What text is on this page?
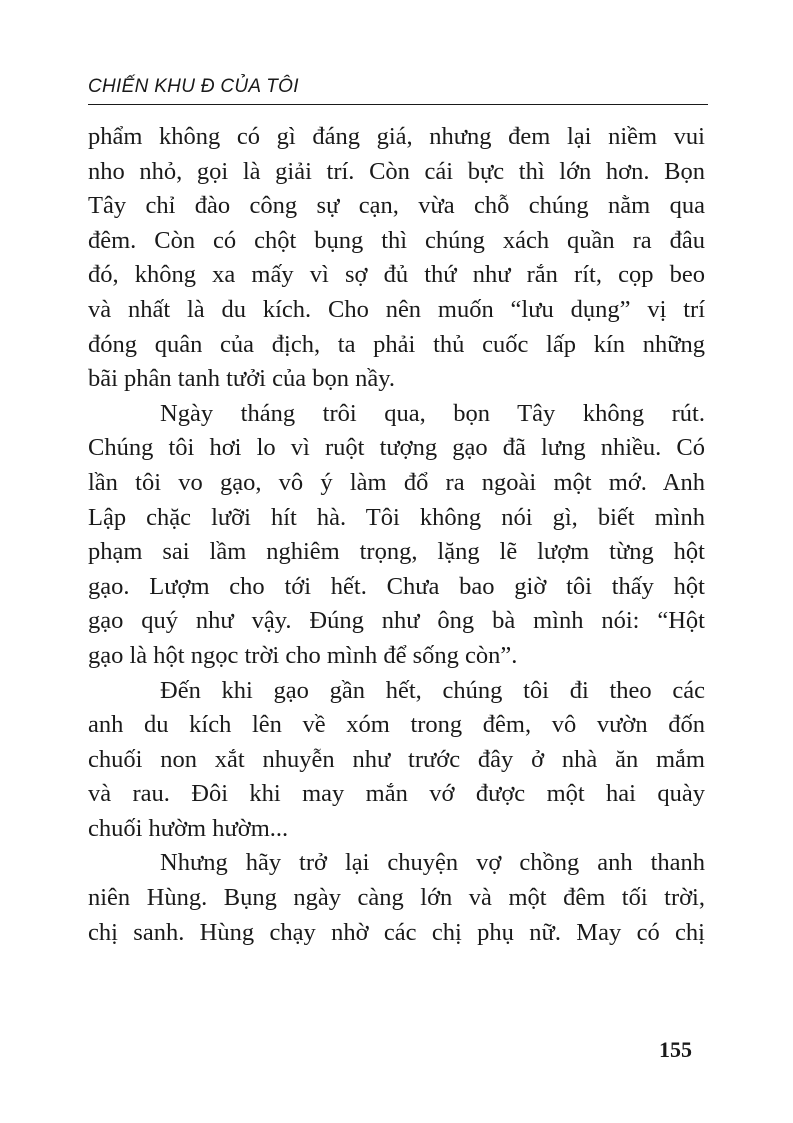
CHIẾN KHU Đ CỦA TÔI
phẩm không có gì đáng giá, nhưng đem lại niềm vui
nho nhỏ, gọi là giải trí. Còn cái bực thì lớn hơn. Bọn
Tây chỉ đào công sự cạn, vừa chỗ chúng nằm qua
đêm. Còn có chột bụng thì chúng xách quần ra đâu
đó, không xa mấy vì sợ đủ thứ như rắn rít, cọp beo
và nhất là du kích. Cho nên muốn “lưu dụng” vị trí
đóng quân của địch, ta phải thủ cuốc lấp kín những
bãi phân tanh tưởi của bọn nầy.
Ngày tháng trôi qua, bọn Tây không rút.
Chúng tôi hơi lo vì ruột tượng gạo đã lưng nhiều. Có
lần tôi vo gạo, vô ý làm đổ ra ngoài một mớ. Anh
Lập chặc lưỡi hít hà. Tôi không nói gì, biết mình
phạm sai lầm nghiêm trọng, lặng lẽ lượm từng hột
gạo. Lượm cho tới hết. Chưa bao giờ tôi thấy hột
gạo quý như vậy. Đúng như ông bà mình nói: “Hột
gạo là hột ngọc trời cho mình để sống còn”.
Đến khi gạo gần hết, chúng tôi đi theo các
anh du kích lên về xóm trong đêm, vô vườn đốn
chuối non xắt nhuyễn như trước đây ở nhà ăn mắm
và rau. Đôi khi may mắn vớ được một hai quày
chuối hườm hườm...
Nhưng hãy trở lại chuyện vợ chồng anh thanh
niên Hùng. Bụng ngày càng lớn và một đêm tối trời,
chị sanh. Hùng chạy nhờ các chị phụ nữ. May có chị
155
